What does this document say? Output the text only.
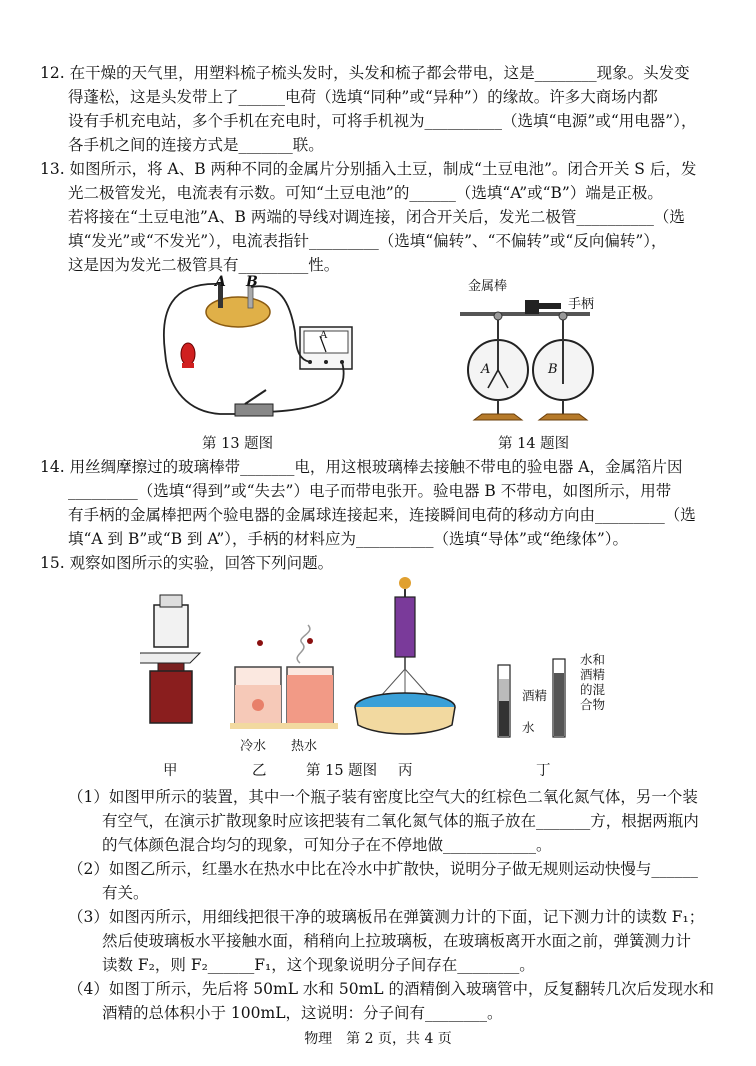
12. 在干燥的天气里，用塑料梳子梳头发时，头发和梳子都会带电，这是________现象。头发变
得蓬松，这是头发带上了______电荷（选填“同种”或“异种”）的缘故。许多大商场内都
设有手机充电站，多个手机在充电时，可将手机视为__________（选填“电源”或“用电器”），
各手机之间的连接方式是_______联。
13. 如图所示，将 A、B 两种不同的金属片分别插入土豆，制成“土豆电池”。闭合开关 S 后，发
光二极管发光，电流表有示数。可知“土豆电池”的______（选填“A”或“B”）端是正极。
若将接在“土豆电池”A、B 两端的导线对调连接，闭合开关后，发光二极管__________（选
填“发光”或“不发光”），电流表指针_________（选填“偏转”、“不偏转”或“反向偏转”），
这是因为发光二极管具有_________性。
A B
A
第 13 题图
金属棒
手柄
A	B
第 14 题图
14. 用丝绸摩擦过的玻璃棒带_______电，用这根玻璃棒去接触不带电的验电器 A，金属箔片因
_________（选填“得到”或“失去”）电子而带电张开。验电器 B 不带电，如图所示，用带
有手柄的金属棒把两个验电器的金属球连接起来，连接瞬间电荷的移动方向由_________（选
填“A 到 B”或“B 到 A”），手柄的材料应为__________（选填“导体”或“绝缘体”）。
15. 观察如图所示的实验，回答下列问题。
酒精
水
水和
酒精
的混
合物
冷水 热水
甲	乙	第 15 题图 丙	丁
（1）如图甲所示的装置，其中一个瓶子装有密度比空气大的红棕色二氧化氮气体，另一个装
有空气，在演示扩散现象时应该把装有二氧化氮气体的瓶子放在_______方，根据两瓶内
的气体颜色混合均匀的现象，可知分子在不停地做____________。
（2）如图乙所示，红墨水在热水中比在冷水中扩散快，说明分子做无规则运动快慢与______
有关。
（3）如图丙所示，用细线把很干净的玻璃板吊在弹簧测力计的下面，记下测力计的读数 F₁；
然后使玻璃板水平接触水面，稍稍向上拉玻璃板，在玻璃板离开水面之前，弹簧测力计
读数 F₂，则 F₂______F₁，这个现象说明分子间存在________。
（4）如图丁所示，先后将 50mL 水和 50mL 的酒精倒入玻璃管中，反复翻转几次后发现水和
酒精的总体积小于 100mL，这说明：分子间有________。
物理　第 2 页，共 4 页
